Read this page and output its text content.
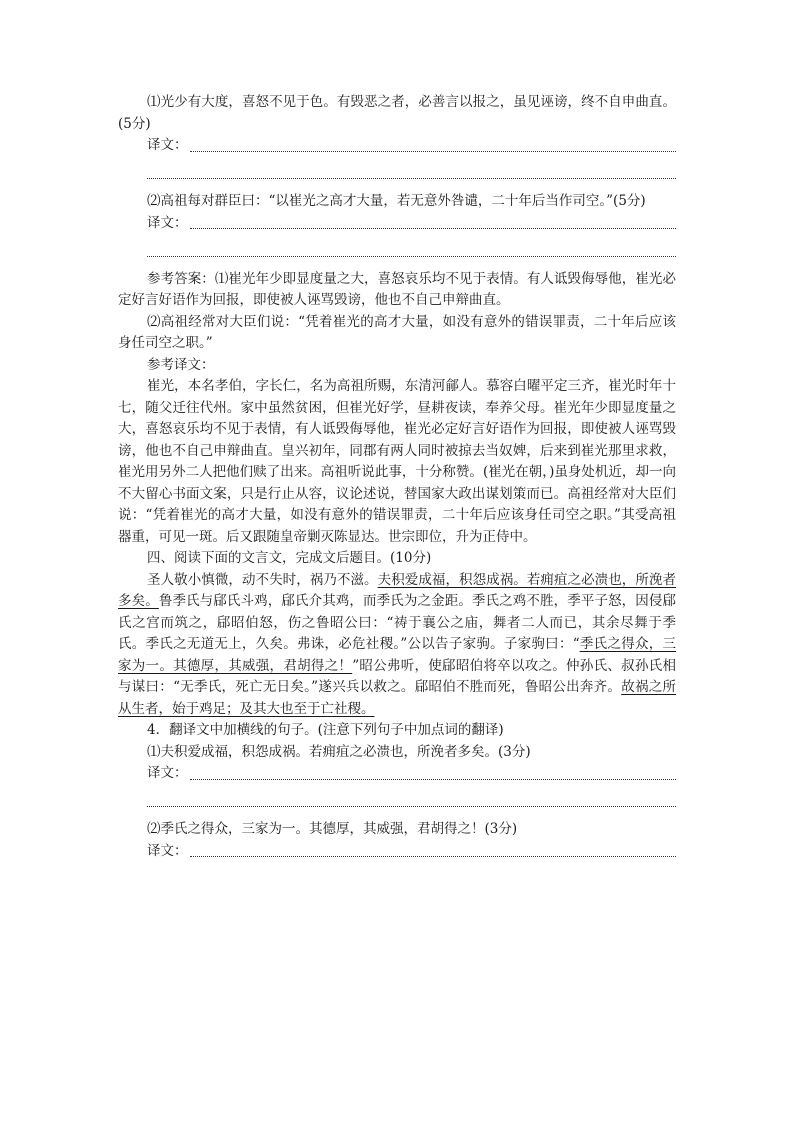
⑴光少有大度，喜怒不见于色。有毁恶之者，必善言以报之，虽见诬谤，终不自申曲直。(5分)

译文：

⑵高祖每对群臣曰：“以崔光之高才大量，若无意外咎谴，二十年后当作司空。”(5分)

译文：

参考答案：⑴崔光年少即显度量之大，喜怒哀乐均不见于表情。有人诋毁侮辱他，崔光必定好言好语作为回报，即使被人诬骂毁谤，他也不自己申辩曲直。

⑵高祖经常对大臣们说：“凭着崔光的高才大量，如没有意外的错误罪责，二十年后应该身任司空之职。”

参考译文：

崔光，本名孝伯，字长仁，名为高祖所赐，东清河鄃人。慕容白曜平定三齐，崔光时年十七，随父迁往代州。家中虽然贫困，但崔光好学，昼耕夜读，奉养父母。崔光年少即显度量之大，喜怒哀乐均不见于表情，有人诋毁侮辱他，崔光必定好言好语作为回报，即使被人诬骂毁谤，他也不自己申辩曲直。皇兴初年，同郡有两人同时被掠去当奴婢，后来到崔光那里求救，崔光用另外二人把他们赎了出来。高祖听说此事，十分称赞。(崔光在朝，)虽身处机近，却一向不大留心书面文案，只是行止从容，议论述说，替国家大政出谋划策而已。高祖经常对大臣们说：“凭着崔光的高才大量，如没有意外的错误罪责，二十年后应该身任司空之职。”其受高祖器重，可见一斑。后又跟随皇帝剿灭陈显达。世宗即位，升为正侍中。

四、阅读下面的文言文，完成文后题目。(10分)

圣人敬小慎微，动不失时，祸乃不滋。夫积爱成福，积怨成祸。若痈疽之必溃也，所浼者多矣。鲁季氏与郈氏斗鸡，郈氏介其鸡，而季氏为之金距。季氏之鸡不胜，季平子怒，因侵郈氏之宫而筑之，郈昭伯怒，伤之鲁昭公曰：“祷于襄公之庙，舞者二人而已，其余尽舞于季氏。季氏之无道无上，久矣。弗诛，必危社稷。”公以告子家驹。子家驹曰：“季氏之得众，三家为一。其德厚，其威强，君胡得之！”昭公弗听，使郈昭伯将卒以攻之。仲孙氏、叔孙氏相与谋曰：“无季氏，死亡无日矣。”遂兴兵以救之。郈昭伯不胜而死，鲁昭公出奔齐。故祸之所从生者，始于鸡足；及其大也至于亡社稷。

4．翻译文中加横线的句子。(注意下列句子中加点词的翻译)

⑴夫积爱成福，积怨成祸。若痈疽之必溃也，所浼者多矣。(3分)

译文：

⑵季氏之得众，三家为一。其德厚，其威强，君胡得之！(3分)

译文：
